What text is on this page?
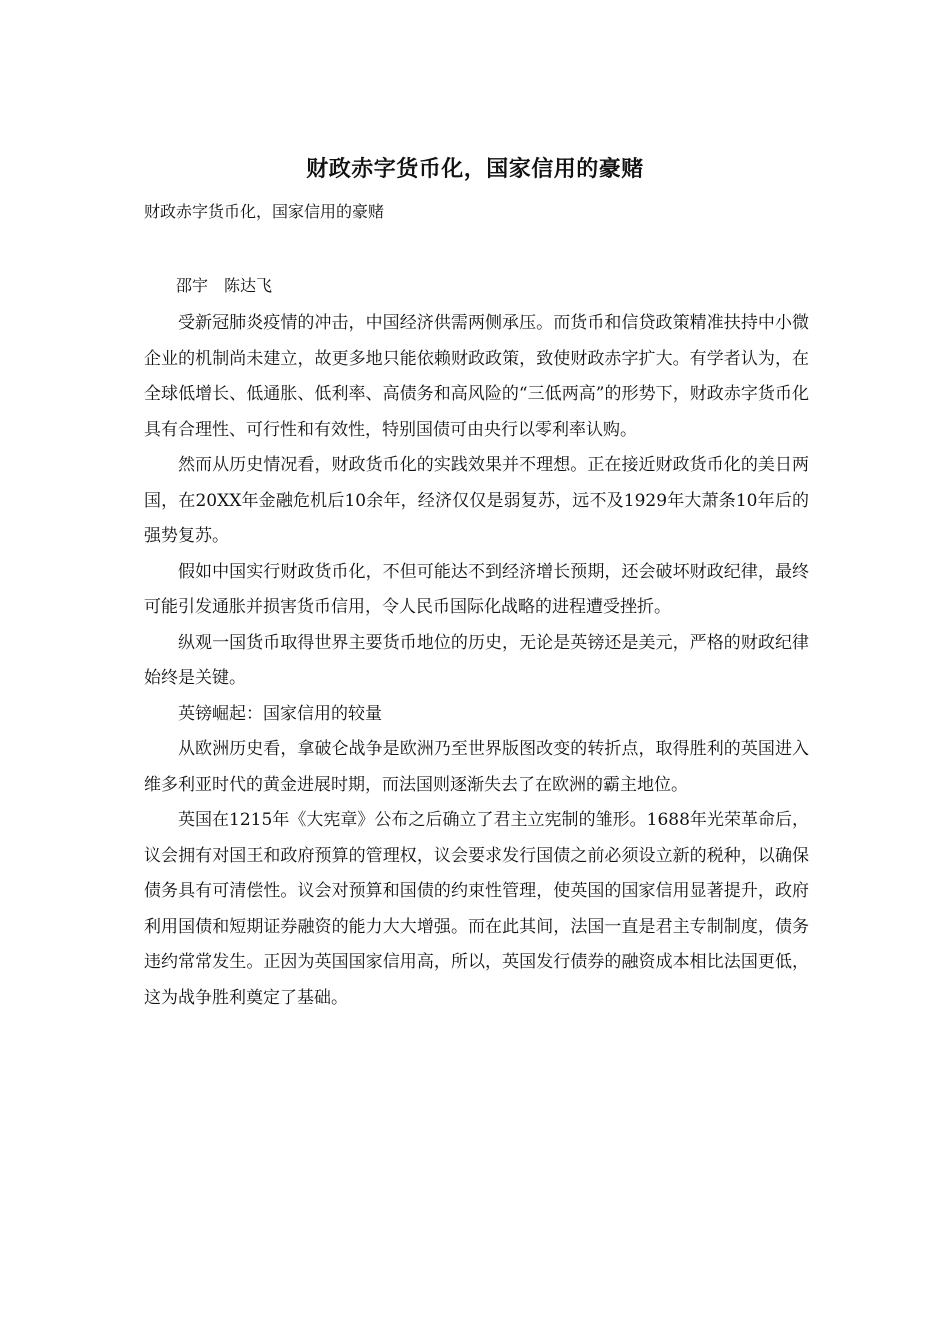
财政赤字货币化，国家信用的豪赌
财政赤字货币化，国家信用的豪赌
邵宇　陈达飞

受新冠肺炎疫情的冲击，中国经济供需两侧承压。而货币和信贷政策精准扶持中小微企业的机制尚未建立，故更多地只能依赖财政政策，致使财政赤字扩大。有学者认为，在全球低增长、低通胀、低利率、高债务和高风险的“三低两高”的形势下，财政赤字货币化具有合理性、可行性和有效性，特别国债可由央行以零利率认购。

然而从历史情况看，财政货币化的实践效果并不理想。正在接近财政货币化的美日两国，在20XX年金融危机后10余年，经济仅仅是弱复苏，远不及1929年大萧条10年后的强势复苏。

假如中国实行财政货币化，不但可能达不到经济增长预期，还会破坏财政纪律，最终可能引发通胀并损害货币信用，令人民币国际化战略的进程遭受挫折。

纵观一国货币取得世界主要货币地位的历史，无论是英镑还是美元，严格的财政纪律始终是关键。

英镑崛起：国家信用的较量

从欧洲历史看，拿破仑战争是欧洲乃至世界版图改变的转折点，取得胜利的英国进入维多利亚时代的黄金进展时期，而法国则逐渐失去了在欧洲的霸主地位。

英国在1215年《大宪章》公布之后确立了君主立宪制的雏形。1688年光荣革命后，议会拥有对国王和政府预算的管理权，议会要求发行国债之前必须设立新的税种，以确保债务具有可清偿性。议会对预算和国债的约束性管理，使英国的国家信用显著提升，政府利用国债和短期证券融资的能力大大增强。而在此其间，法国一直是君主专制制度，债务违约常常发生。正因为英国国家信用高，所以，英国发行债券的融资成本相比法国更低，这为战争胜利奠定了基础。
